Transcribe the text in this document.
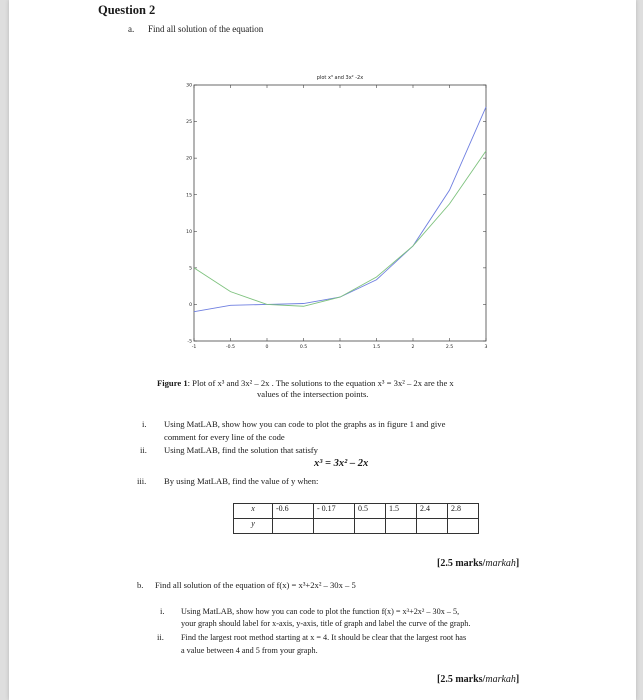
Question 2
a. Find all solution of the equation
plot x³ and 3x² -2x
-1	-0.5	0	0.5	1	1.5	2	2.5	3
-5
0
5
10
15
20
25
30
Figure 1: Plot of x³ and 3x² – 2x . The solutions to the equation x³ = 3x² – 2x are the x
values of the intersection points.
i. Using MatLAB, show how you can code to plot the graphs as in figure 1 and give
comment for every line of the code
ii. Using MatLAB, find the solution that satisfy
x³ = 3x² – 2x
iii. By using MatLAB, find the value of y when:
x	-0.6	- 0.17	0.5	1.5	2.4	2.8
y						
[2.5 marks/markah]
b. Find all solution of the equation of f(x) = x³+2x² – 30x – 5
i. Using MatLAB, show how you can code to plot the function f(x) = x³+2x² – 30x – 5,
your graph should label for x-axis, y-axis, title of graph and label the curve of the graph.
ii. Find the largest root method starting at x = 4. It should be clear that the largest root has
a value between 4 and 5 from your graph.
[2.5 marks/markah]
